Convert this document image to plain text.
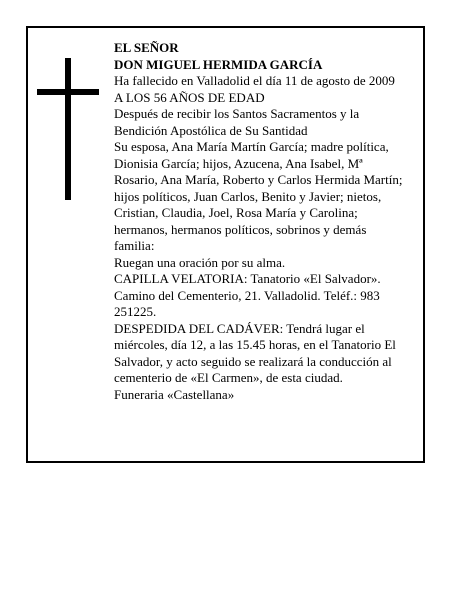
EL SEÑOR
DON MIGUEL HERMIDA GARCÍA
Ha fallecido en Valladolid el día 11 de agosto de 2009
A LOS 56 AÑOS DE EDAD
Después de recibir los Santos Sacramentos y la
Bendición Apostólica de Su Santidad
Su esposa, Ana María Martín García; madre política,
Dionisia García; hijos, Azucena, Ana Isabel, Mª
Rosario, Ana María, Roberto y Carlos Hermida Martín;
hijos políticos, Juan Carlos, Benito y Javier; nietos,
Cristian, Claudia, Joel, Rosa María y Carolina;
hermanos, hermanos políticos, sobrinos y demás
familia:
Ruegan una oración por su alma.
CAPILLA VELATORIA: Tanatorio «El Salvador».
Camino del Cementerio, 21. Valladolid. Teléf.: 983
251225.
DESPEDIDA DEL CADÁVER: Tendrá lugar el
miércoles, día 12, a las 15.45 horas, en el Tanatorio El
Salvador, y acto seguido se realizará la conducción al
cementerio de «El Carmen», de esta ciudad.
Funeraria «Castellana»
